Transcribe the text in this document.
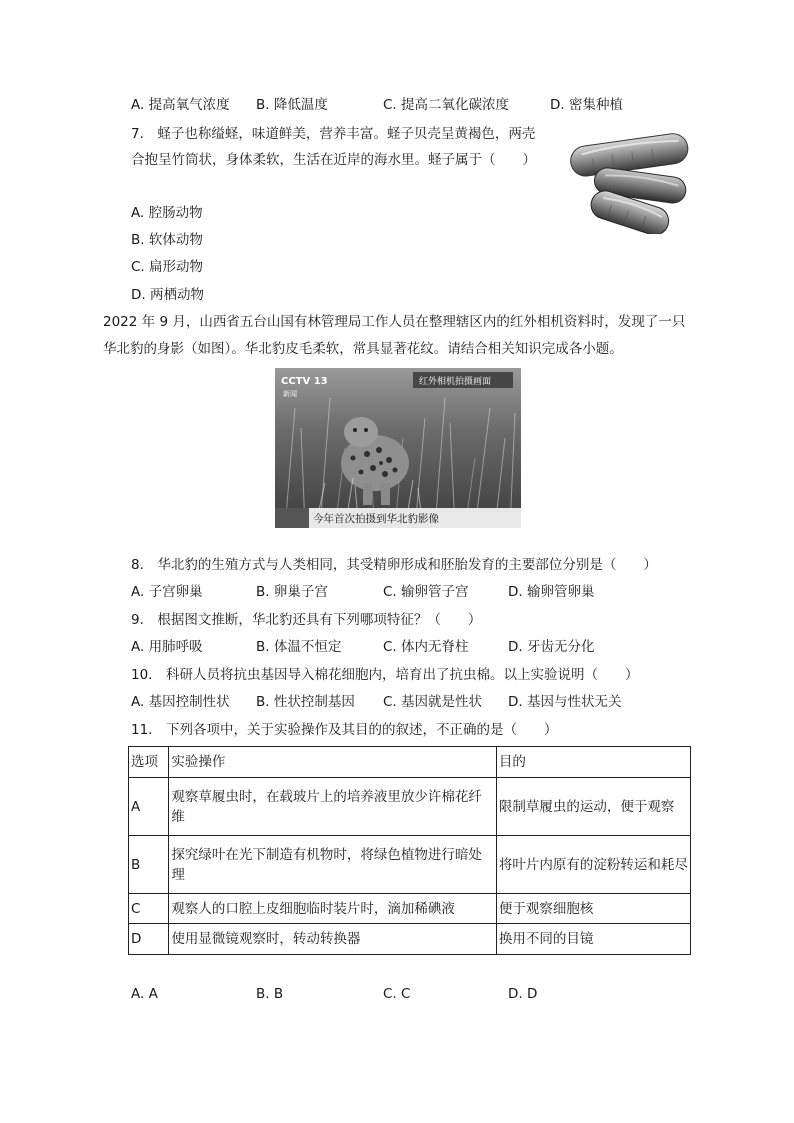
A. 提高氧气浓度 B. 降低温度	C. 提高二氧化碳浓度	D. 密集种植
7.　蛏子也称缢蛏，味道鲜美，营养丰富。蛏子贝壳呈黄褐色，两壳
合抱呈竹筒状，身体柔软，生活在近岸的海水里。蛏子属于（　　）
A. 腔肠动物
B. 软体动物
C. 扁形动物
D. 两栖动物
2022 年 9 月，山西省五台山国有林管理局工作人员在整理辖区内的红外相机资料时，发现了一只
华北豹的身影（如图）。华北豹皮毛柔软，常具显著花纹。请结合相关知识完成各小题。
CCTV 13
新闻
红外相机拍摄画面
今年首次拍摄到华北豹影像
8.　华北豹的生殖方式与人类相同，其受精卵形成和胚胎发育的主要部位分别是（　　）
A. 子宫卵巢	B. 卵巢子宫	C. 输卵管子宫	D. 输卵管卵巢
9.　根据图文推断，华北豹还具有下列哪项特征？（　　）
A. 用肺呼吸	B. 体温不恒定	C. 体内无脊柱	D. 牙齿无分化
10.　科研人员将抗虫基因导入棉花细胞内，培育出了抗虫棉。以上实验说明（　　）
A. 基因控制性状 B. 性状控制基因 C. 基因就是性状 D. 基因与性状无关
11.　下列各项中，关于实验操作及其目的的叙述，不正确的是（　　）
选项	实验操作	目的
A	观察草履虫时，在载玻片上的培养液里放少许棉花纤维	限制草履虫的运动，便于观察
B	探究绿叶在光下制造有机物时，将绿色植物进行暗处理	将叶片内原有的淀粉转运和耗尽
C	观察人的口腔上皮细胞临时装片时，滴加稀碘液	便于观察细胞核
D	使用显微镜观察时，转动转换器	换用不同的目镜
A. A	B. B	C. C	D. D
